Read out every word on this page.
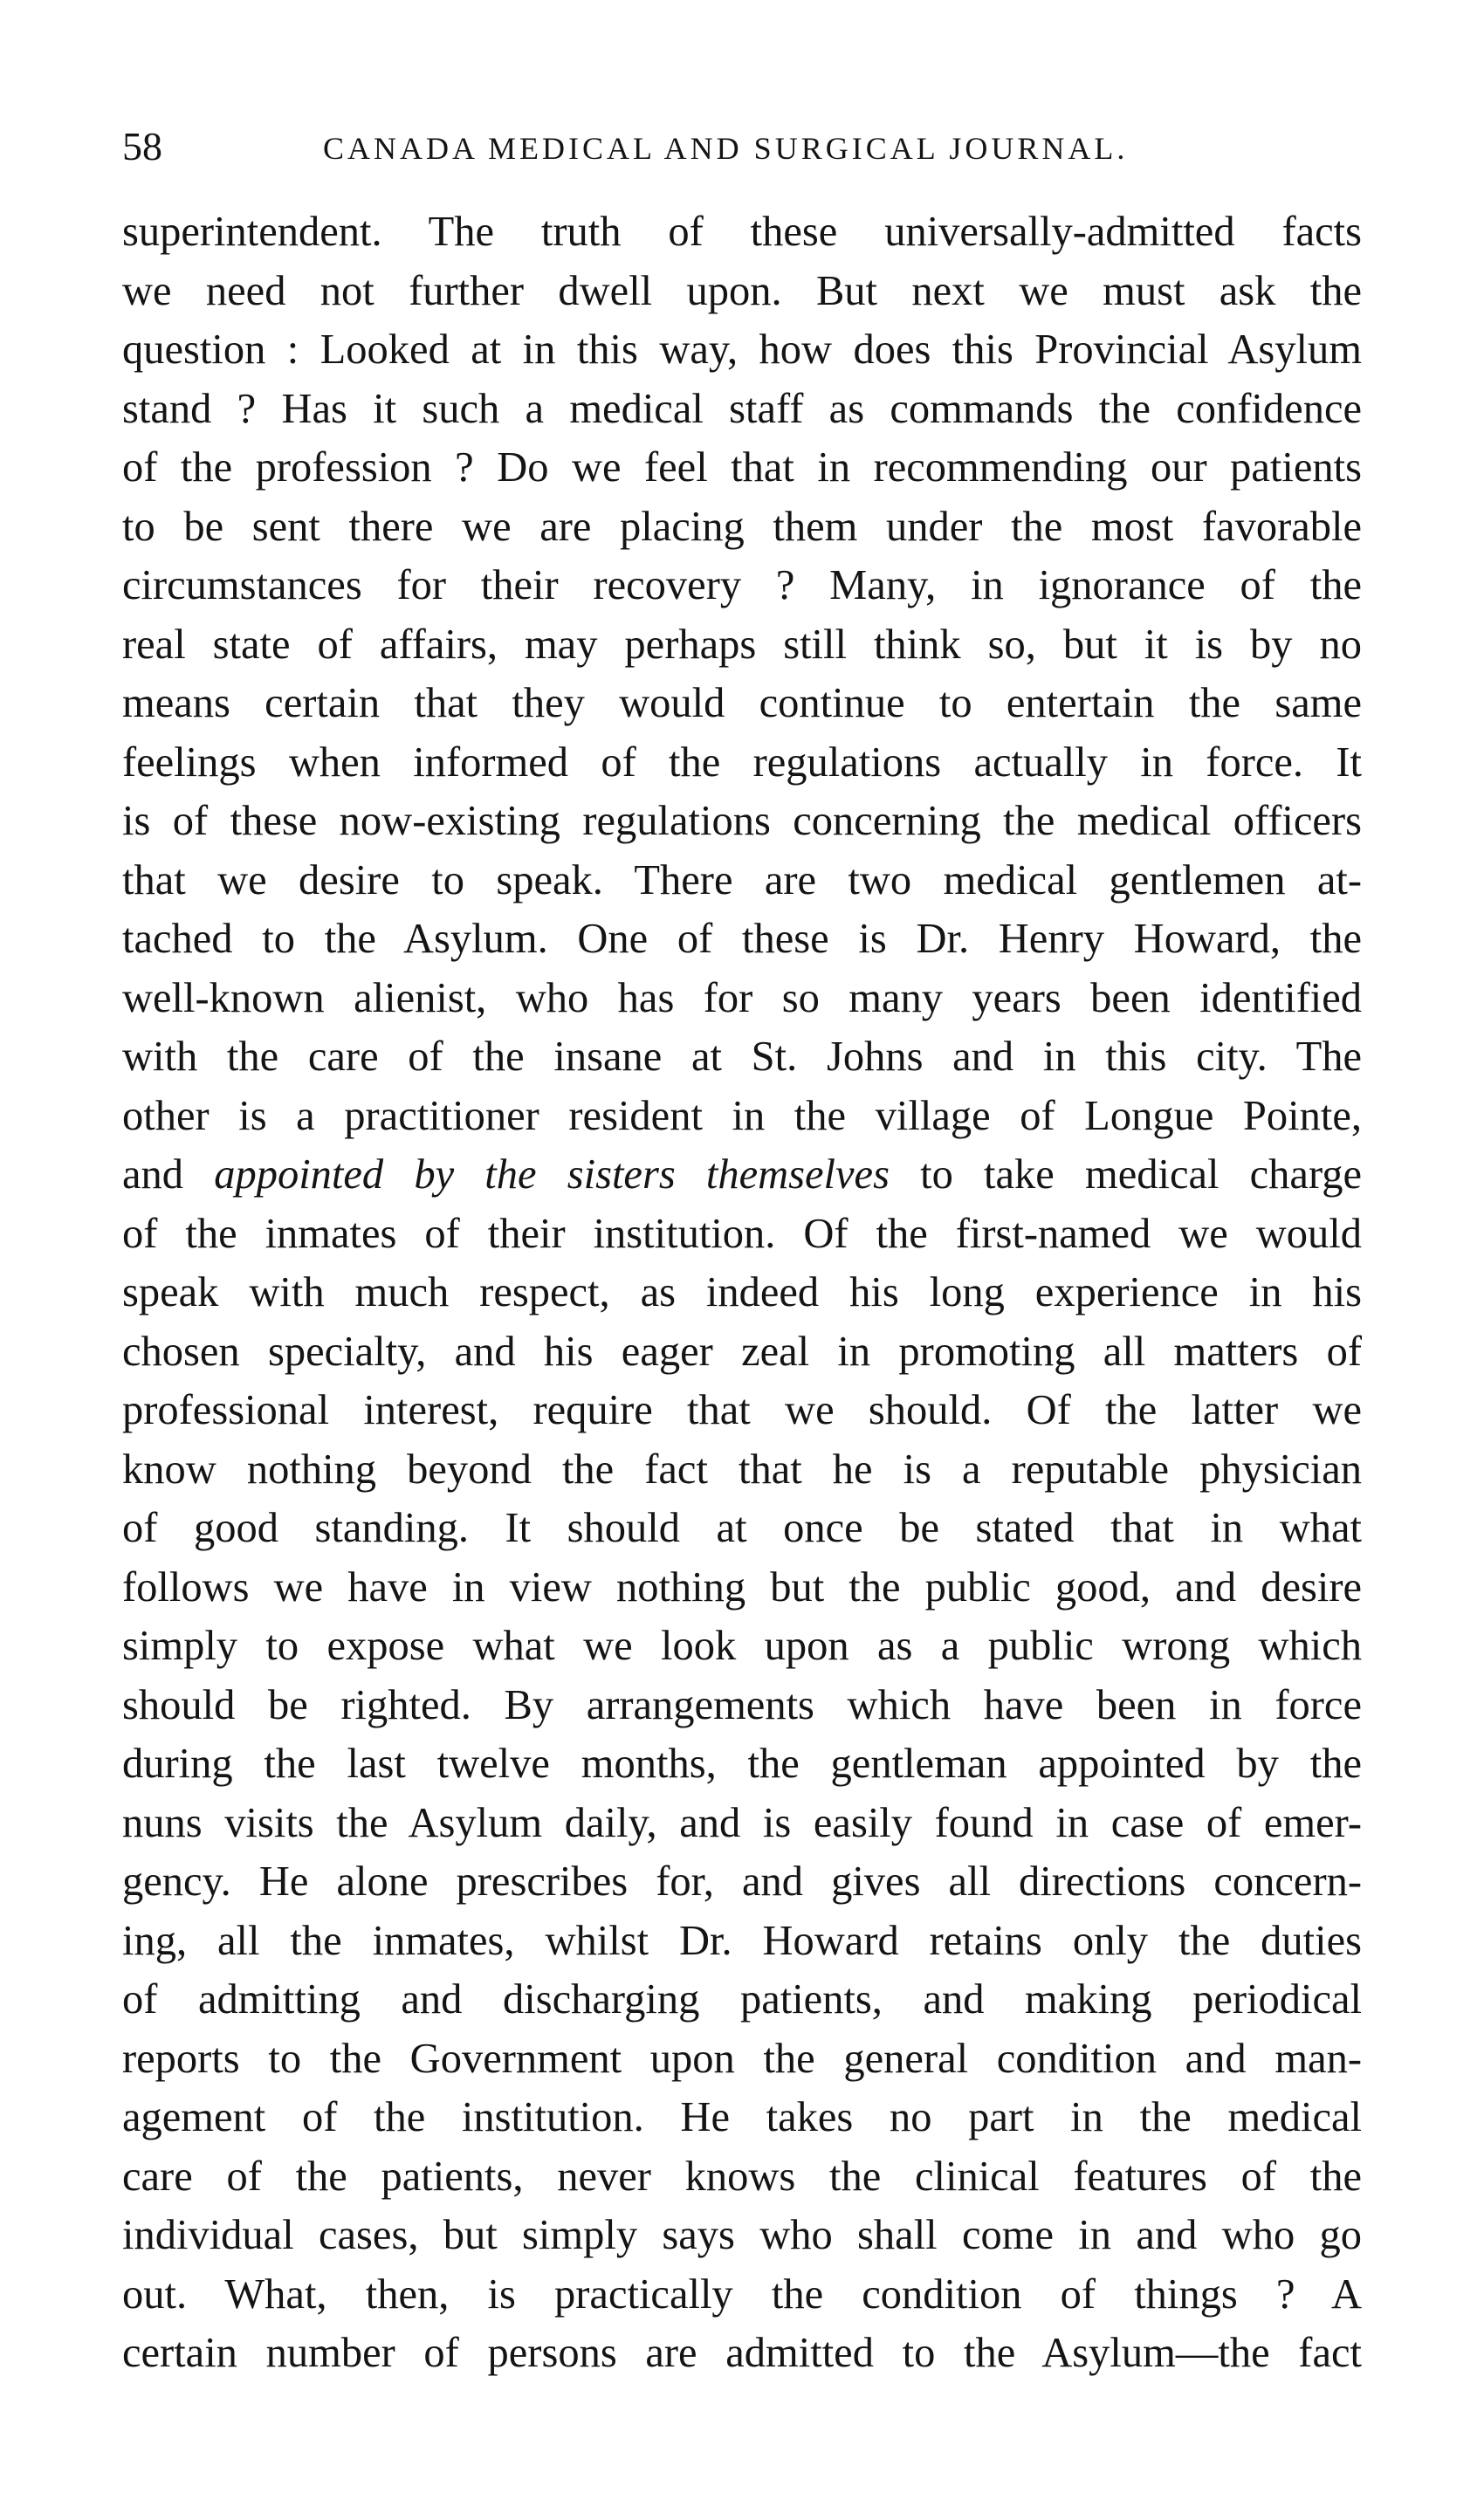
58	CANADA MEDICAL AND SURGICAL JOURNAL.
superintendent. The truth of these universally-admitted facts
we need not further dwell upon. But next we must ask the
question : Looked at in this way, how does this Provincial Asylum
stand ? Has it such a medical staff as commands the confidence
of the profession ? Do we feel that in recommending our patients
to be sent there we are placing them under the most favorable
circumstances for their recovery ? Many, in ignorance of the
real state of affairs, may perhaps still think so, but it is by no
means certain that they would continue to entertain the same
feelings when informed of the regulations actually in force. It
is of these now-existing regulations concerning the medical officers
that we desire to speak. There are two medical gentlemen at-
tached to the Asylum. One of these is Dr. Henry Howard, the
well-known alienist, who has for so many years been identified
with the care of the insane at St. Johns and in this city. The
other is a practitioner resident in the village of Longue Pointe,
and appointed by the sisters themselves to take medical charge
of the inmates of their institution. Of the first-named we would
speak with much respect, as indeed his long experience in his
chosen specialty, and his eager zeal in promoting all matters of
professional interest, require that we should. Of the latter we
know nothing beyond the fact that he is a reputable physician
of good standing. It should at once be stated that in what
follows we have in view nothing but the public good, and desire
simply to expose what we look upon as a public wrong which
should be righted. By arrangements which have been in force
during the last twelve months, the gentleman appointed by the
nuns visits the Asylum daily, and is easily found in case of emer-
gency. He alone prescribes for, and gives all directions concern-
ing, all the inmates, whilst Dr. Howard retains only the duties
of admitting and discharging patients, and making periodical
reports to the Government upon the general condition and man-
agement of the institution. He takes no part in the medical
care of the patients, never knows the clinical features of the
individual cases, but simply says who shall come in and who go
out. What, then, is practically the condition of things ? A
certain number of persons are admitted to the Asylum—the fact
